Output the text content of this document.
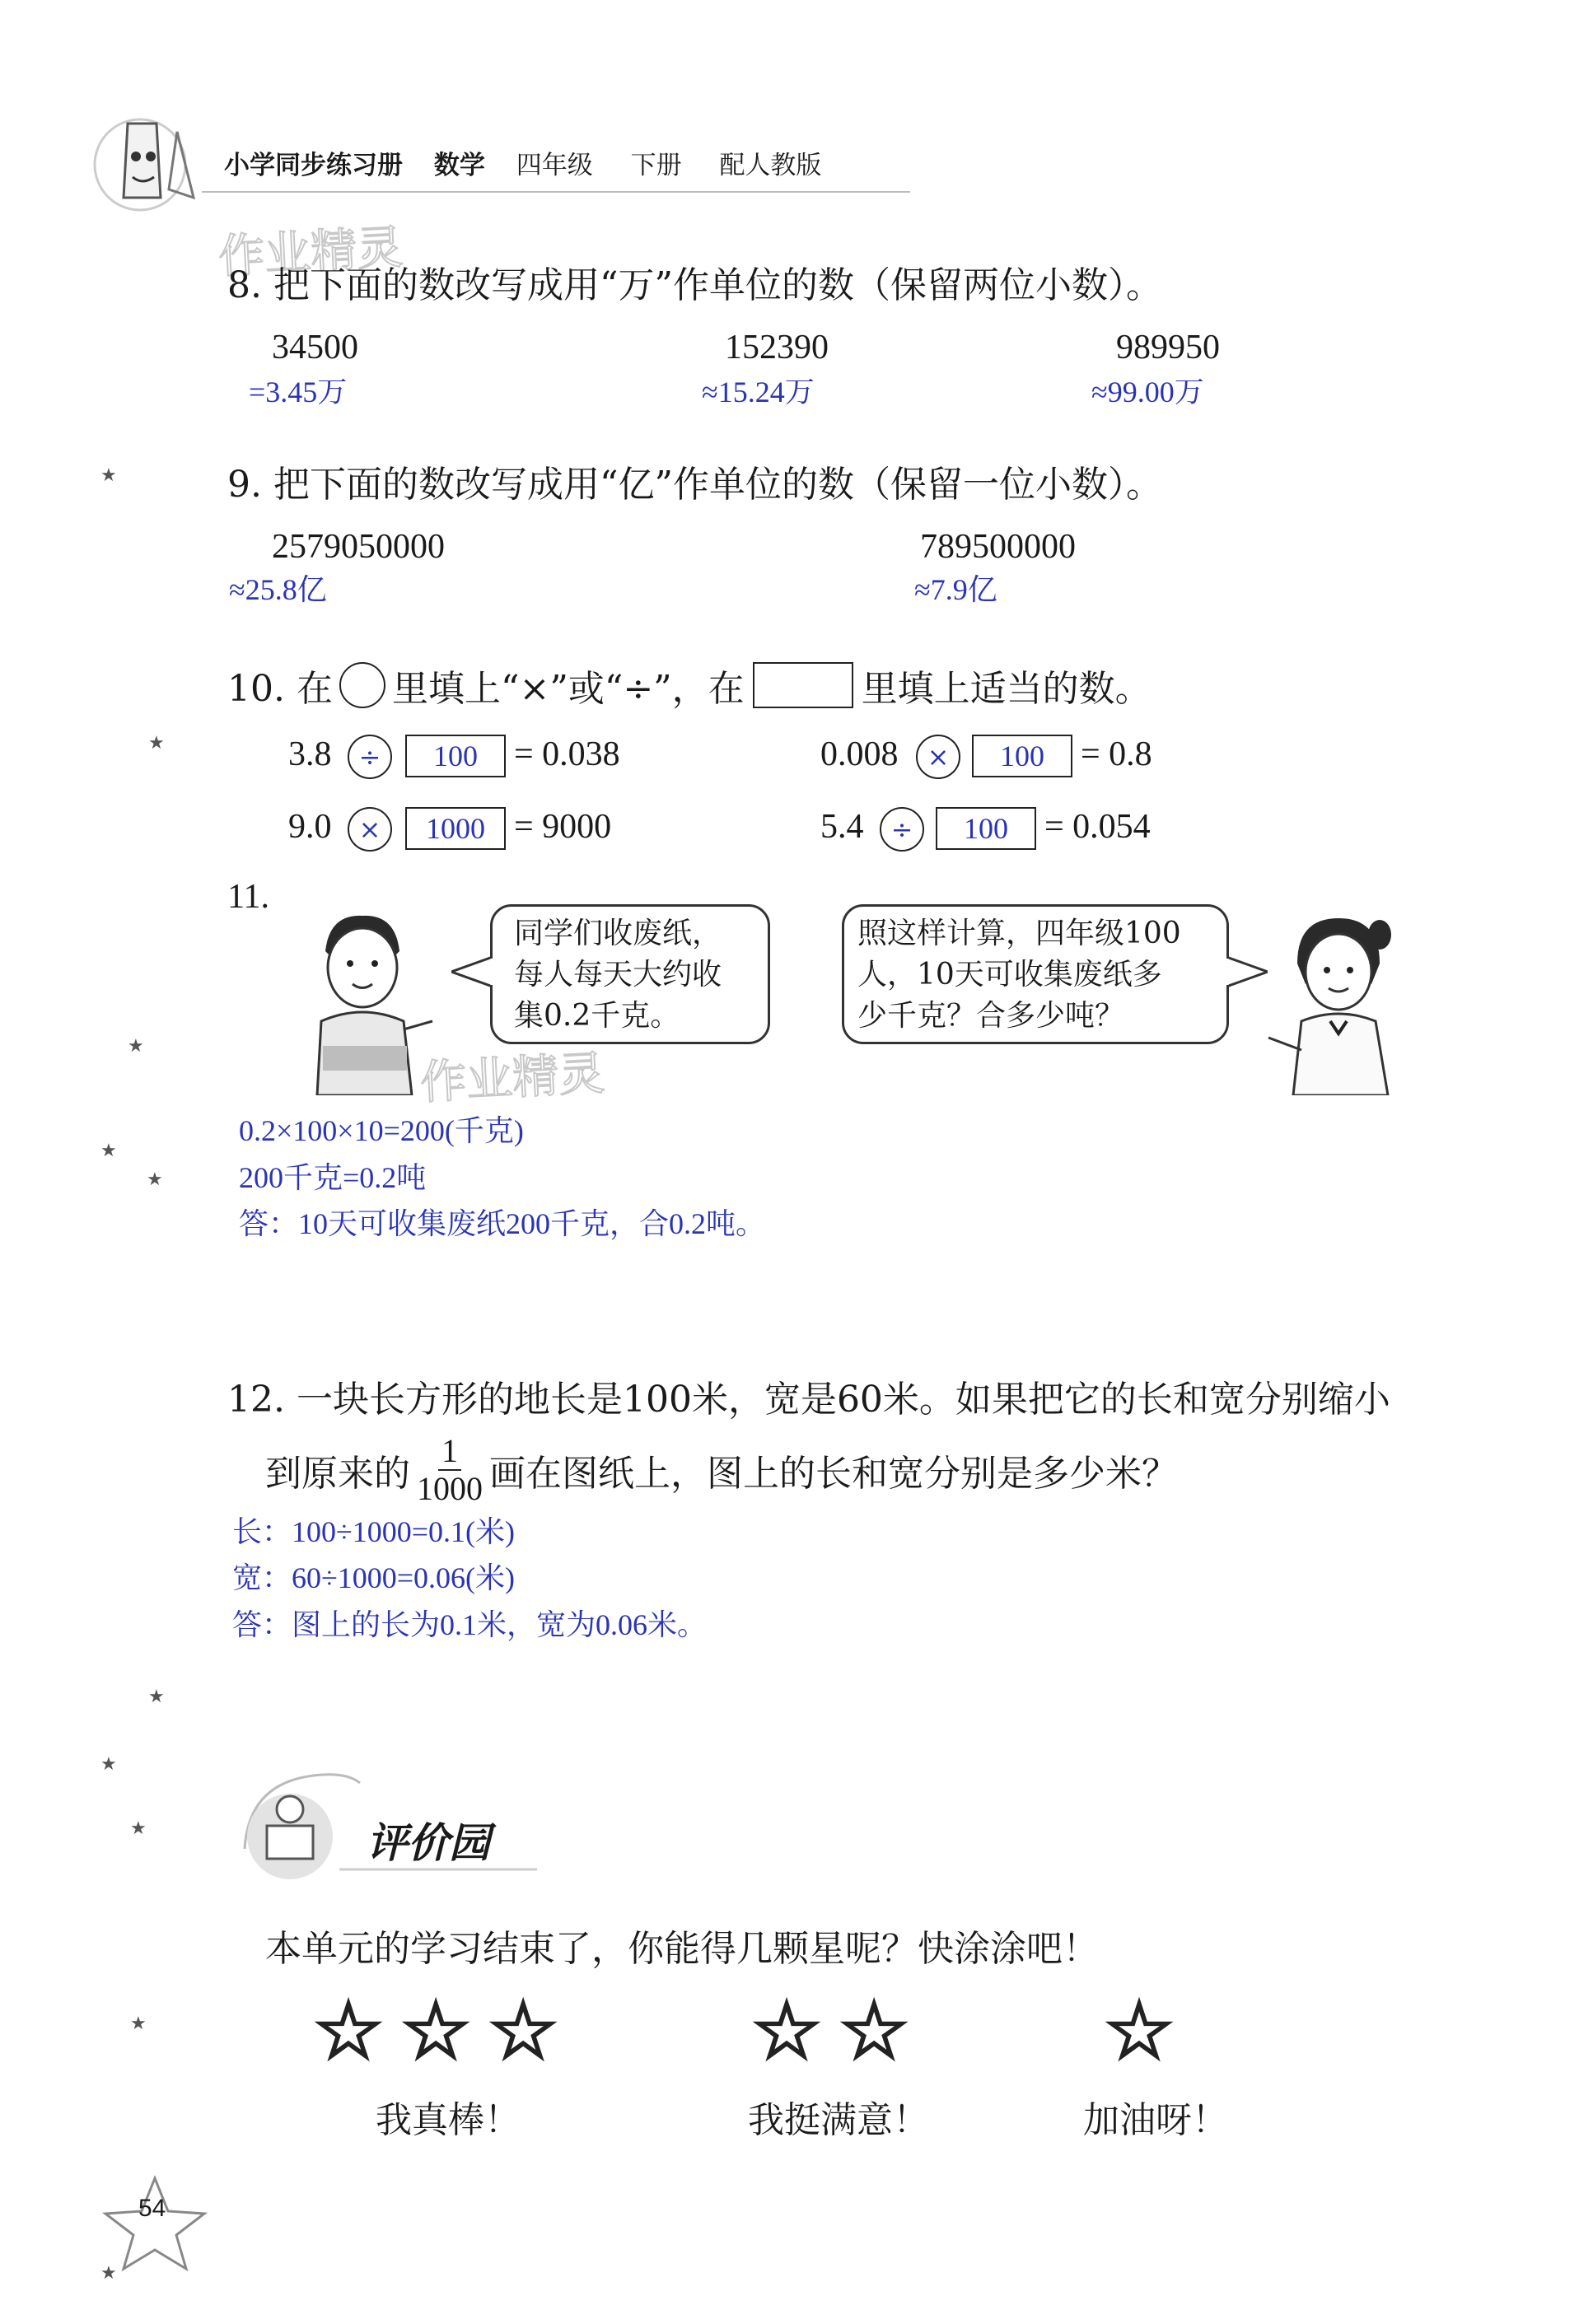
小学同步练习册 数学 四年级 下册 配人教版
作业精灵
作业精灵
★
★
★
★
★
★
★
★
★
★
8. 把下面的数改写成用“万”作单位的数（保留两位小数）。
34500
=3.45万
152390
≈15.24万
989950
≈99.00万
9. 把下面的数改写成用“亿”作单位的数（保留一位小数）。
2579050000
≈25.8亿
789500000
≈7.9亿
10. 在 里填上“×”或“÷”，在	里填上适当的数。
3.8	÷	100	= 0.038	0.008	×	100	= 0.8
9.0	×	1000 = 9000	5.4	÷	100	= 0.054
11.
同学们收废纸，
每人每天大约收
集0.2千克。
照这样计算，四年级100
人，10天可收集废纸多
少千克？合多少吨？
0.2×100×10=200(千克)
200千克=0.2吨
答：10天可收集废纸200千克，合0.2吨。
12. 一块长方形的地长是100米，宽是60米。如果把它的长和宽分别缩小
到原来的 $\frac{1}{1000}$ 画在图纸上，图上的长和宽分别是多少米？
长：100÷1000=0.1(米)
宽：60÷1000=0.06(米)
答：图上的长为0.1米，宽为0.06米。
评价园
本单元的学习结束了，你能得几颗星呢？快涂涂吧！
☆☆☆
我真棒！
☆☆
我挺满意！
☆
加油呀！
54
